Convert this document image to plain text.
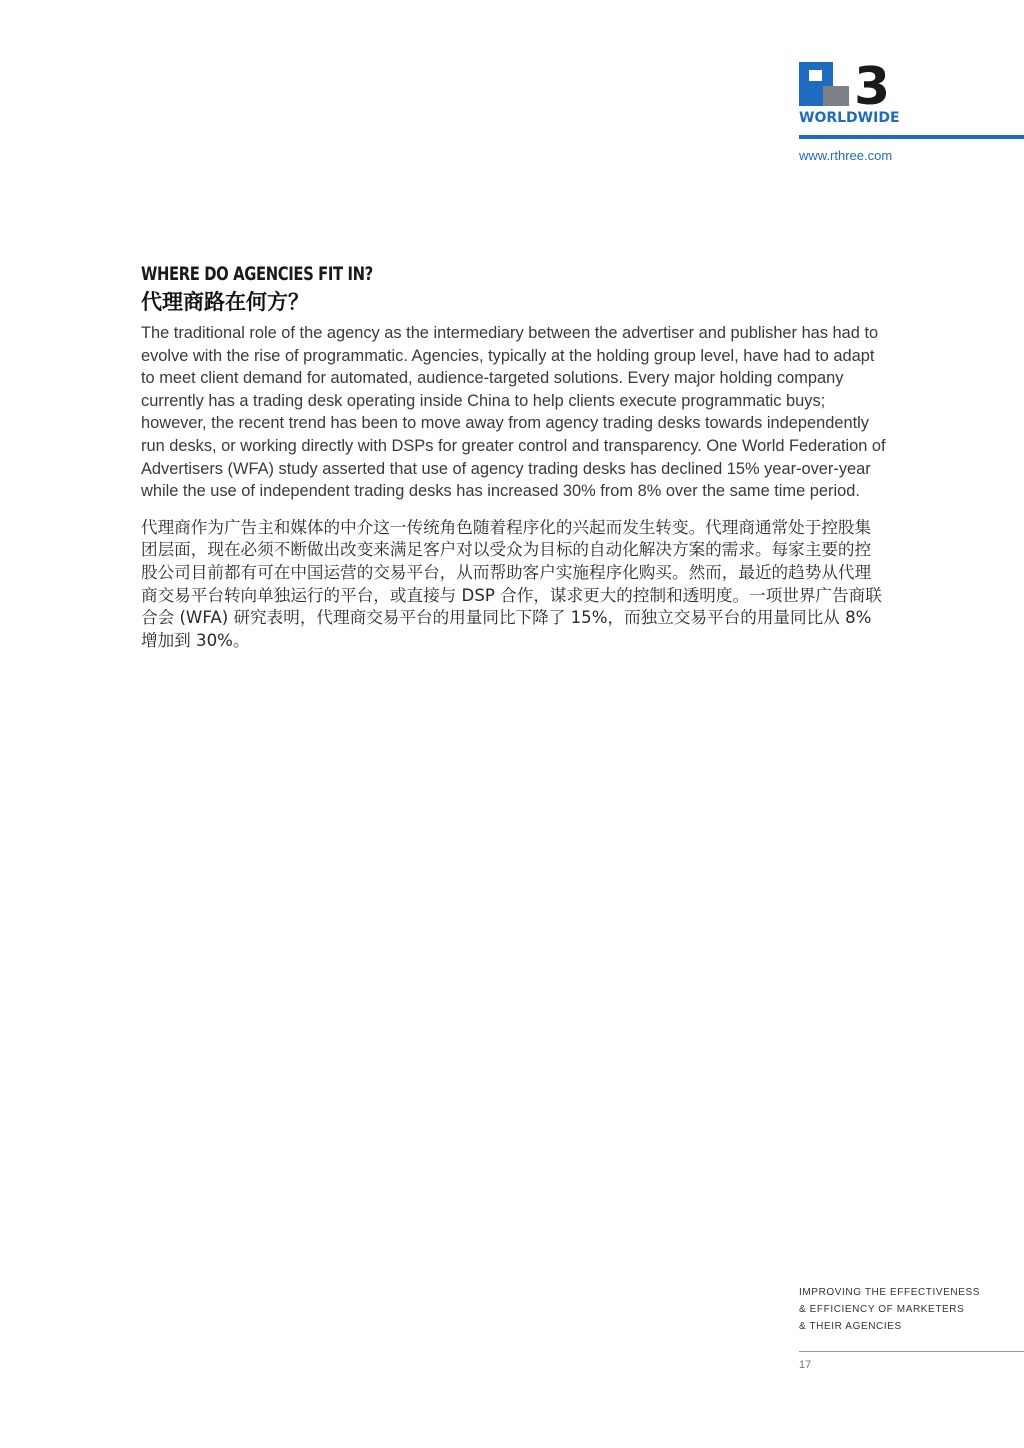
3
WORLDWIDE
www.rthree.com
WHERE DO AGENCIES FIT IN?
代理商路在何方？
The traditional role of the agency as the intermediary between the advertiser and publisher has had to evolve with the rise of programmatic. Agencies, typically at the holding group level, have had to adapt to meet client demand for automated, audience-targeted solutions. Every major holding company currently has a trading desk operating inside China to help clients execute programmatic buys; however, the recent trend has been to move away from agency trading desks towards independently run desks, or working directly with DSPs for greater control and transparency. One World Federation of Advertisers (WFA) study asserted that use of agency trading desks has declined 15% year-over-year while the use of independent trading desks has increased 30% from 8% over the same time period.
代理商作为广告主和媒体的中介这一传统角色随着程序化的兴起而发生转变。代理商通常处于控股集团层面，现在必须不断做出改变来满足客户对以受众为目标的自动化解决方案的需求。每家主要的控股公司目前都有可在中国运营的交易平台，从而帮助客户实施程序化购买。然而，最近的趋势从代理商交易平台转向单独运行的平台，或直接与 DSP 合作，谋求更大的控制和透明度。一项世界广告商联合会 (WFA) 研究表明，代理商交易平台的用量同比下降了 15%，而独立交易平台的用量同比从 8% 增加到 30%。
IMPROVING THE EFFECTIVENESS
& EFFICIENCY OF MARKETERS
& THEIR AGENCIES
17
